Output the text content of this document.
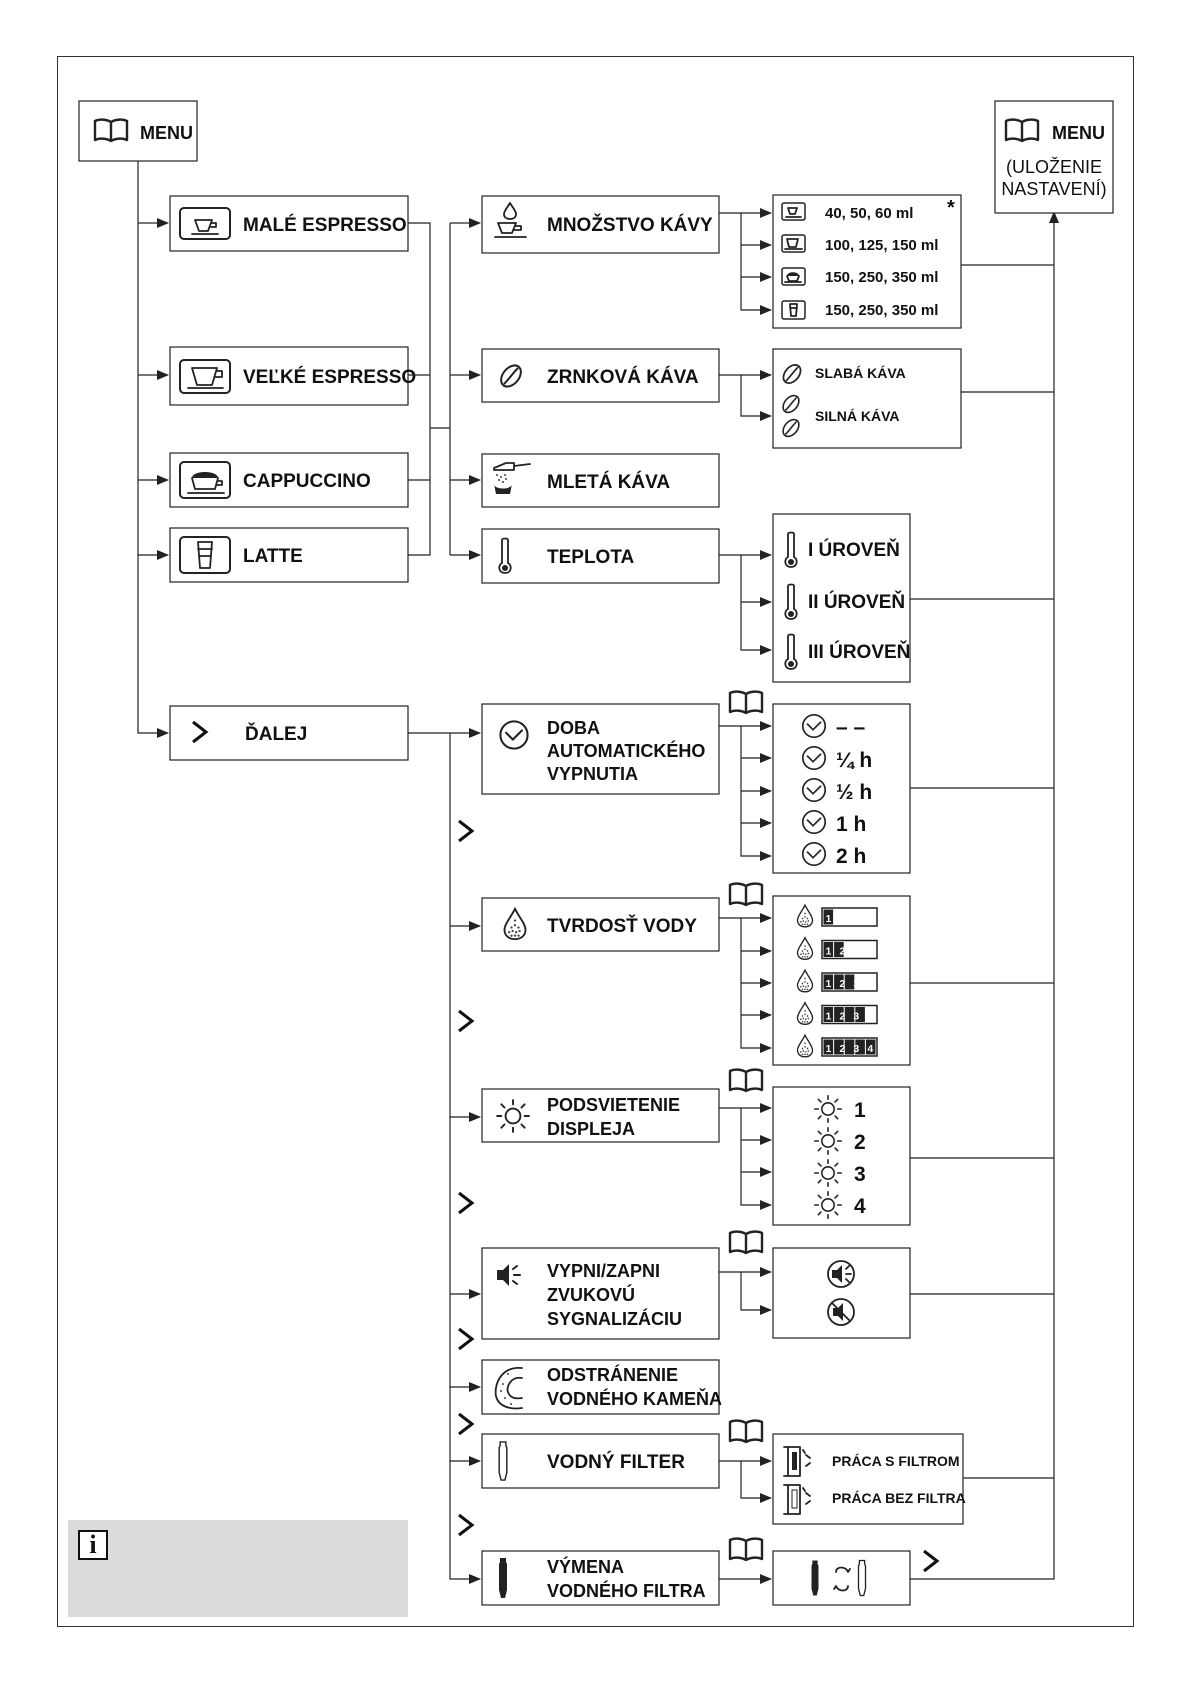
MENU
MALÉ ESPRESSO
VEĽKÉ ESPRESSO
CAPPUCCINO
LATTE
ĎALEJ
MNOŽSTVO KÁVY
ZRNKOVÁ KÁVA
MLETÁ KÁVA
TEPLOTA
*
40, 50, 60 ml
100, 125, 150 ml
150, 250, 350 ml
150, 250, 350 ml
SLABÁ KÁVA
SILNÁ KÁVA
I ÚROVEŇ
II ÚROVEŇ
III ÚROVEŇ
DOBA
AUTOMATICKÉHO
VYPNUTIA
– –
¼ h
½ h
1 h
2 h
TVRDOSŤ VODY	1
1 2
1 2 3
1 2 3 4
1 2 3 4 5
PODSVIETENIE
DISPLEJA
1
2
3
4
VYPNI/ZAPNI
ZVUKOVÚ
SYGNALIZÁCIU
ODSTRÁNENIE
VODNÉHO KAMEŇA
VODNÝ FILTER	PRÁCA S FILTROM
PRÁCA BEZ FILTRA
VÝMENA
VODNÉHO FILTRA
MENU
(ULOŽENIE
NASTAVENÍ)
i
